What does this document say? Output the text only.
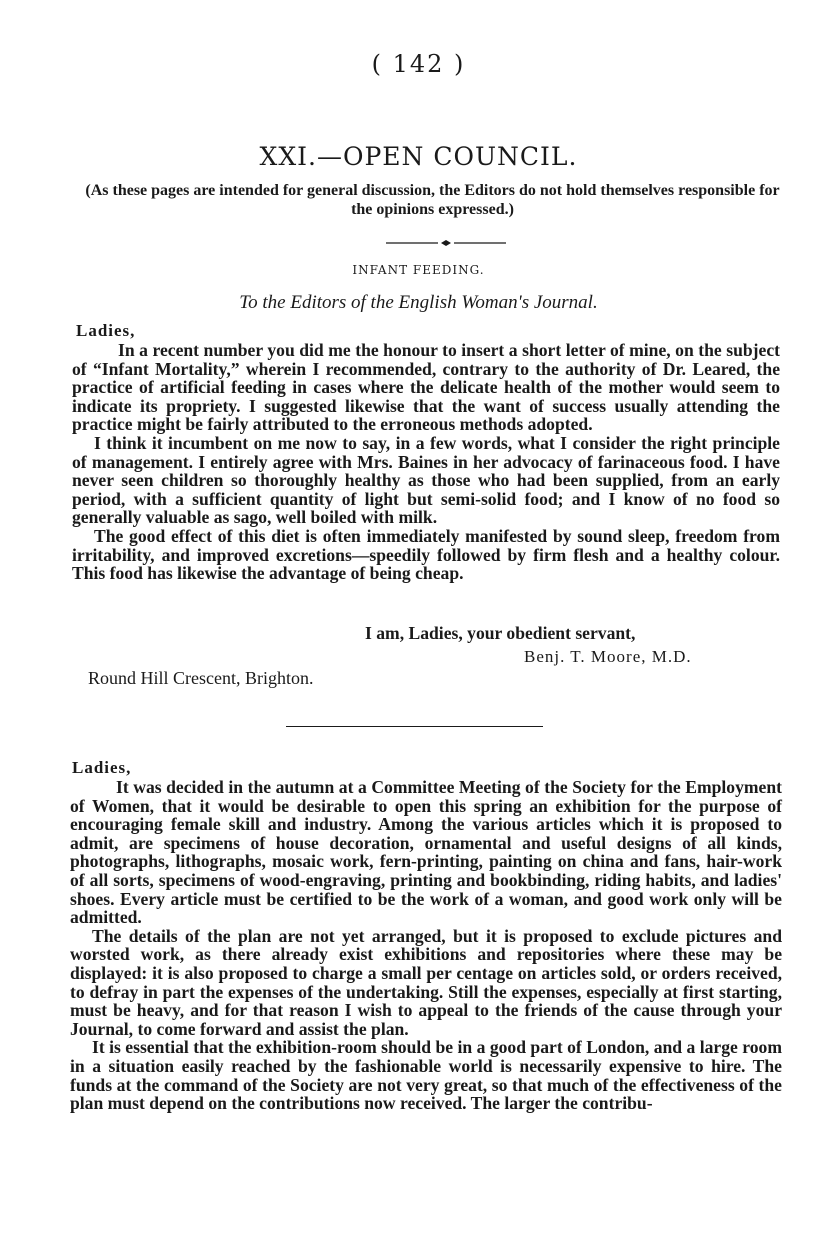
( 142 )
XXI.—OPEN COUNCIL.
(As these pages are intended for general discussion, the Editors do not hold themselves responsible for the opinions expressed.)
INFANT FEEDING.
To the Editors of the English Woman's Journal.
Ladies,

In a recent number you did me the honour to insert a short letter of mine, on the subject of “Infant Mortality,” wherein I recommended, contrary to the authority of Dr. Leared, the practice of artificial feeding in cases where the delicate health of the mother would seem to indicate its propriety. I suggested likewise that the want of success usually attending the practice might be fairly attributed to the erroneous methods adopted.

I think it incumbent on me now to say, in a few words, what I consider the right principle of management. I entirely agree with Mrs. Baines in her advocacy of farinaceous food. I have never seen children so thoroughly healthy as those who had been supplied, from an early period, with a sufficient quantity of light but semi-solid food; and I know of no food so generally valuable as sago, well boiled with milk.

The good effect of this diet is often immediately manifested by sound sleep, freedom from irritability, and improved excretions—speedily followed by firm flesh and a healthy colour. This food has likewise the advantage of being cheap.

I am, Ladies, your obedient servant,
Benj. T. Moore, M.D.
Round Hill Crescent, Brighton.
Ladies,

It was decided in the autumn at a Committee Meeting of the Society for the Employment of Women, that it would be desirable to open this spring an exhibition for the purpose of encouraging female skill and industry. Among the various articles which it is proposed to admit, are specimens of house decoration, ornamental and useful designs of all kinds, photographs, lithographs, mosaic work, fern-printing, painting on china and fans, hair-work of all sorts, specimens of wood-engraving, printing and bookbinding, riding habits, and ladies' shoes. Every article must be certified to be the work of a woman, and good work only will be admitted.

The details of the plan are not yet arranged, but it is proposed to exclude pictures and worsted work, as there already exist exhibitions and repositories where these may be displayed: it is also proposed to charge a small per centage on articles sold, or orders received, to defray in part the expenses of the undertaking. Still the expenses, especially at first starting, must be heavy, and for that reason I wish to appeal to the friends of the cause through your Journal, to come forward and assist the plan.

It is essential that the exhibition-room should be in a good part of London, and a large room in a situation easily reached by the fashionable world is necessarily expensive to hire. The funds at the command of the Society are not very great, so that much of the effectiveness of the plan must depend on the contributions now received. The larger the contribu-
